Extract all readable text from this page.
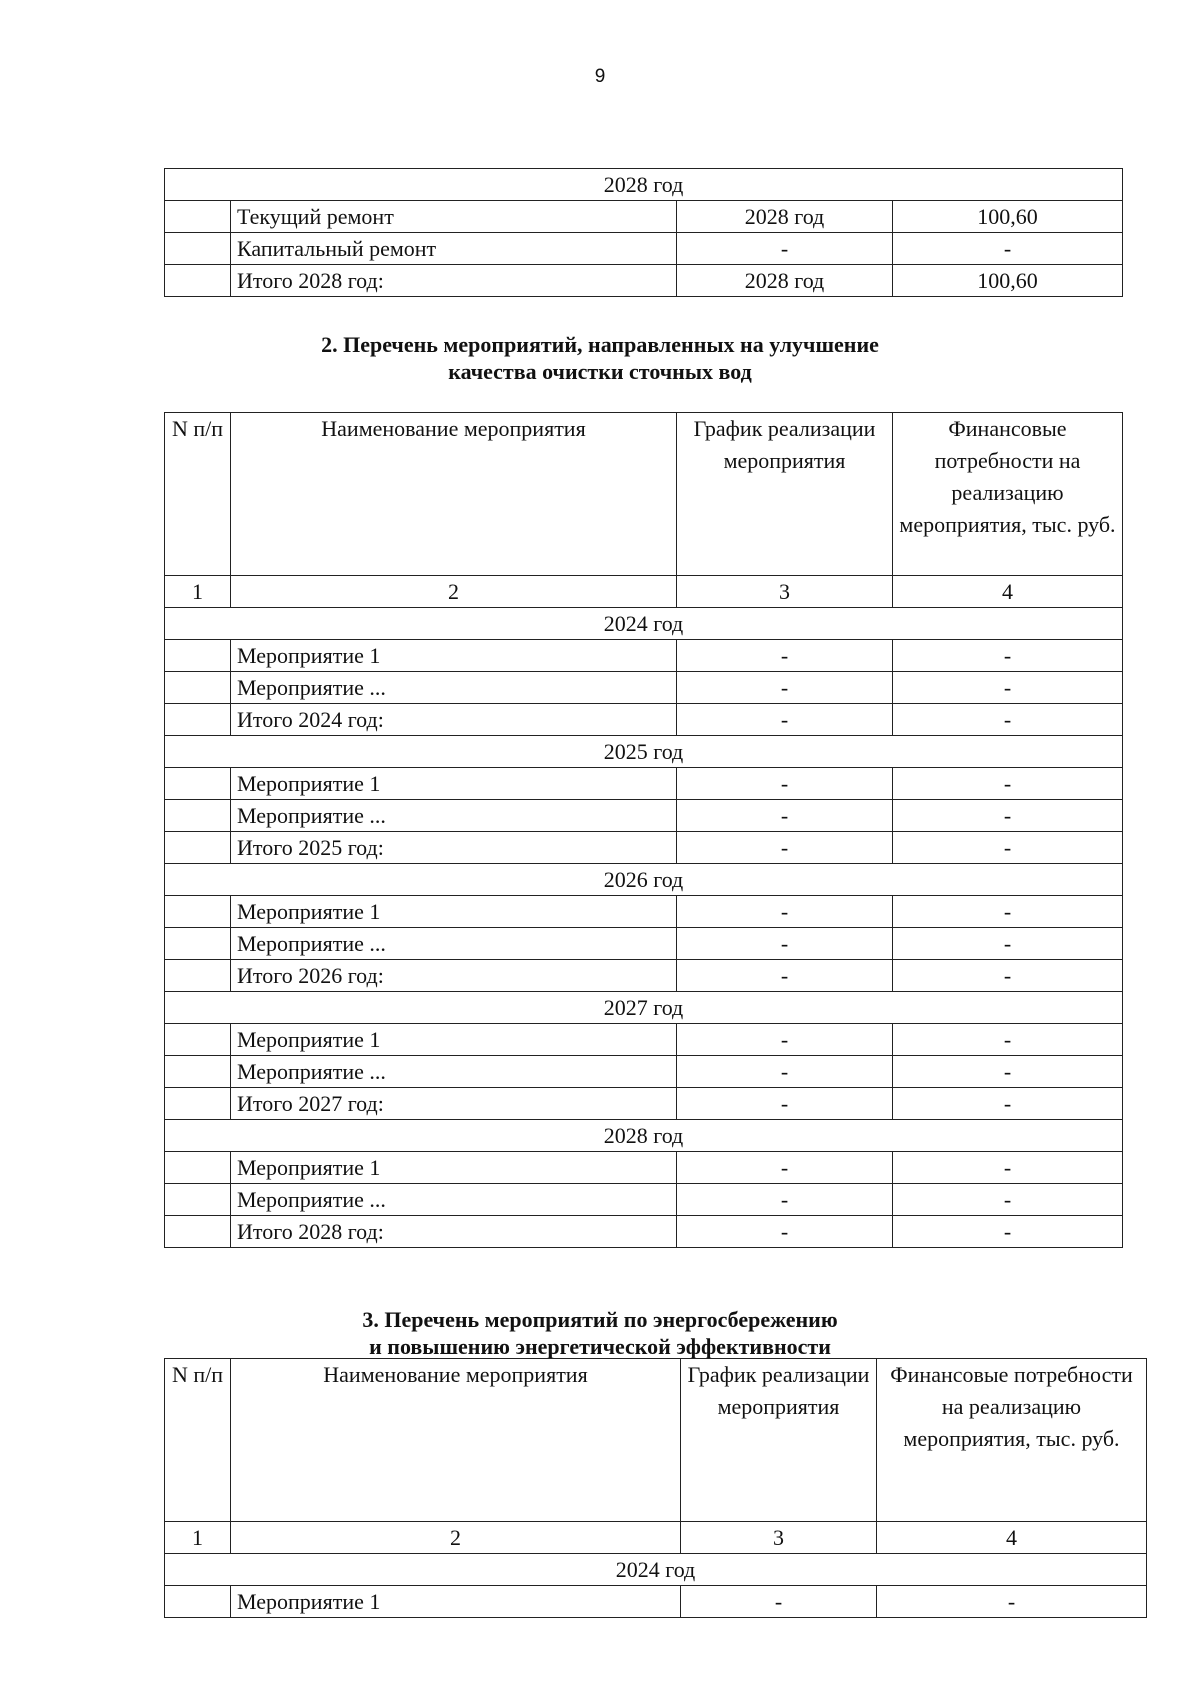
9
2028 год			
	Текущий ремонт	2028 год	100,60
	Капитальный ремонт	-	-
	Итого 2028 год:	2028 год	100,60
2. Перечень мероприятий, направленных на улучшение
качества очистки сточных вод
N п/п	Наименование мероприятия	График реализации мероприятия	Финансовые потребности на реализацию мероприятия, тыс. руб.
1	2	3	4
2024 год			
	Мероприятие 1	-	-
	Мероприятие ...	-	-
	Итого 2024 год:	-	-
2025 год			
	Мероприятие 1	-	-
	Мероприятие ...	-	-
	Итого 2025 год:	-	-
2026 год			
	Мероприятие 1	-	-
	Мероприятие ...	-	-
	Итого 2026 год:	-	-
2027 год			
	Мероприятие 1	-	-
	Мероприятие ...	-	-
	Итого 2027 год:	-	-
2028 год			
	Мероприятие 1	-	-
	Мероприятие ...	-	-
	Итого 2028 год:	-	-
3. Перечень мероприятий по энергосбережению
и повышению энергетической эффективности
N п/п	Наименование мероприятия	График реализации мероприятия	Финансовые потребности на реализацию мероприятия, тыс. руб.
1	2	3	4
2024 год			
	Мероприятие 1	-	-
